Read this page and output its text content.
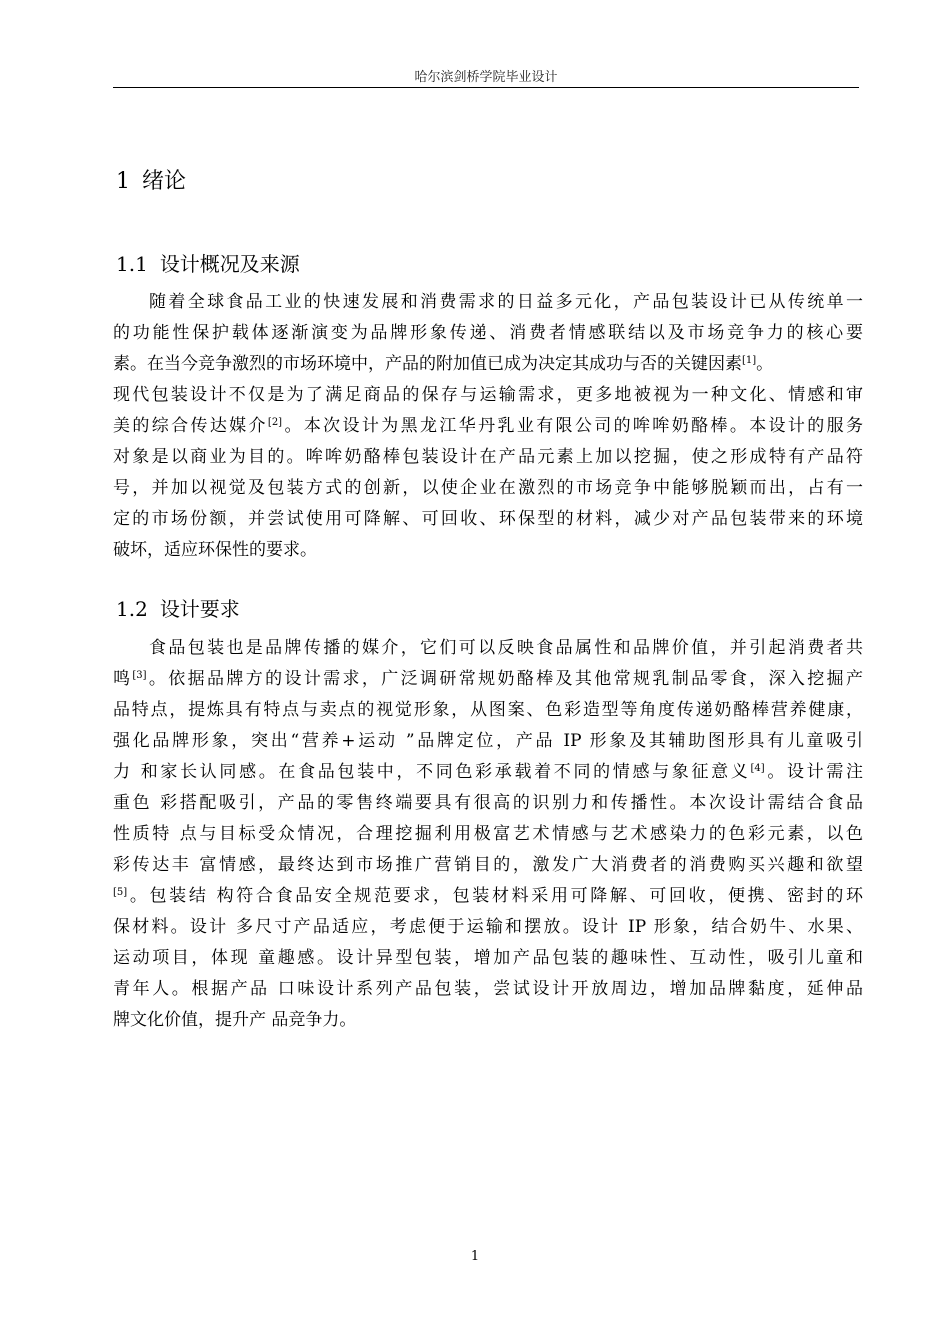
哈尔滨剑桥学院毕业设计
1 绪论
1.1 设计概况及来源
随着全球食品工业的快速发展和消费需求的日益多元化，产品包装设计已从传统单一
的功能性保护载体逐渐演变为品牌形象传递、消费者情感联结以及市场竞争力的核心要
素。在当今竞争激烈的市场环境中，产品的附加值已成为决定其成功与否的关键因素[1]。
现代包装设计不仅是为了满足商品的保存与运输需求，更多地被视为一种文化、情感和审
美的综合传达媒介[2]。本次设计为黑龙江华丹乳业有限公司的哞哞奶酪棒。本设计的服务
对象是以商业为目的。哞哞奶酪棒包装设计在产品元素上加以挖掘，使之形成特有产品符
号，并加以视觉及包装方式的创新，以使企业在激烈的市场竞争中能够脱颖而出，占有一
定的市场份额，并尝试使用可降解、可回收、环保型的材料，减少对产品包装带来的环境
破坏，适应环保性的要求。
1.2 设计要求
食品包装也是品牌传播的媒介，它们可以反映食品属性和品牌价值，并引起消费者共
鸣[3]。依据品牌方的设计需求，广泛调研常规奶酪棒及其他常规乳制品零食，深入挖掘产
品特点，提炼具有特点与卖点的视觉形象，从图案、色彩造型等角度传递奶酪棒营养健康，
强化品牌形象，突出“营养+运动 ”品牌定位，产品 IP 形象及其辅助图形具有儿童吸引
力 和家长认同感。在食品包装中，不同色彩承载着不同的情感与象征意义[4]。设计需注
重色 彩搭配吸引，产品的零售终端要具有很高的识别力和传播性。本次设计需结合食品
性质特 点与目标受众情况，合理挖掘利用极富艺术情感与艺术感染力的色彩元素，以色
彩传达丰 富情感，最终达到市场推广营销目的，激发广大消费者的消费购买兴趣和欲望
[5]。包装结 构符合食品安全规范要求，包装材料采用可降解、可回收，便携、密封的环
保材料。设计 多尺寸产品适应，考虑便于运输和摆放。设计 IP 形象，结合奶牛、水果、
运动项目，体现 童趣感。设计异型包装，增加产品包装的趣味性、互动性，吸引儿童和
青年人。根据产品 口味设计系列产品包装，尝试设计开放周边，增加品牌黏度，延伸品
牌文化价值，提升产 品竞争力。
1
